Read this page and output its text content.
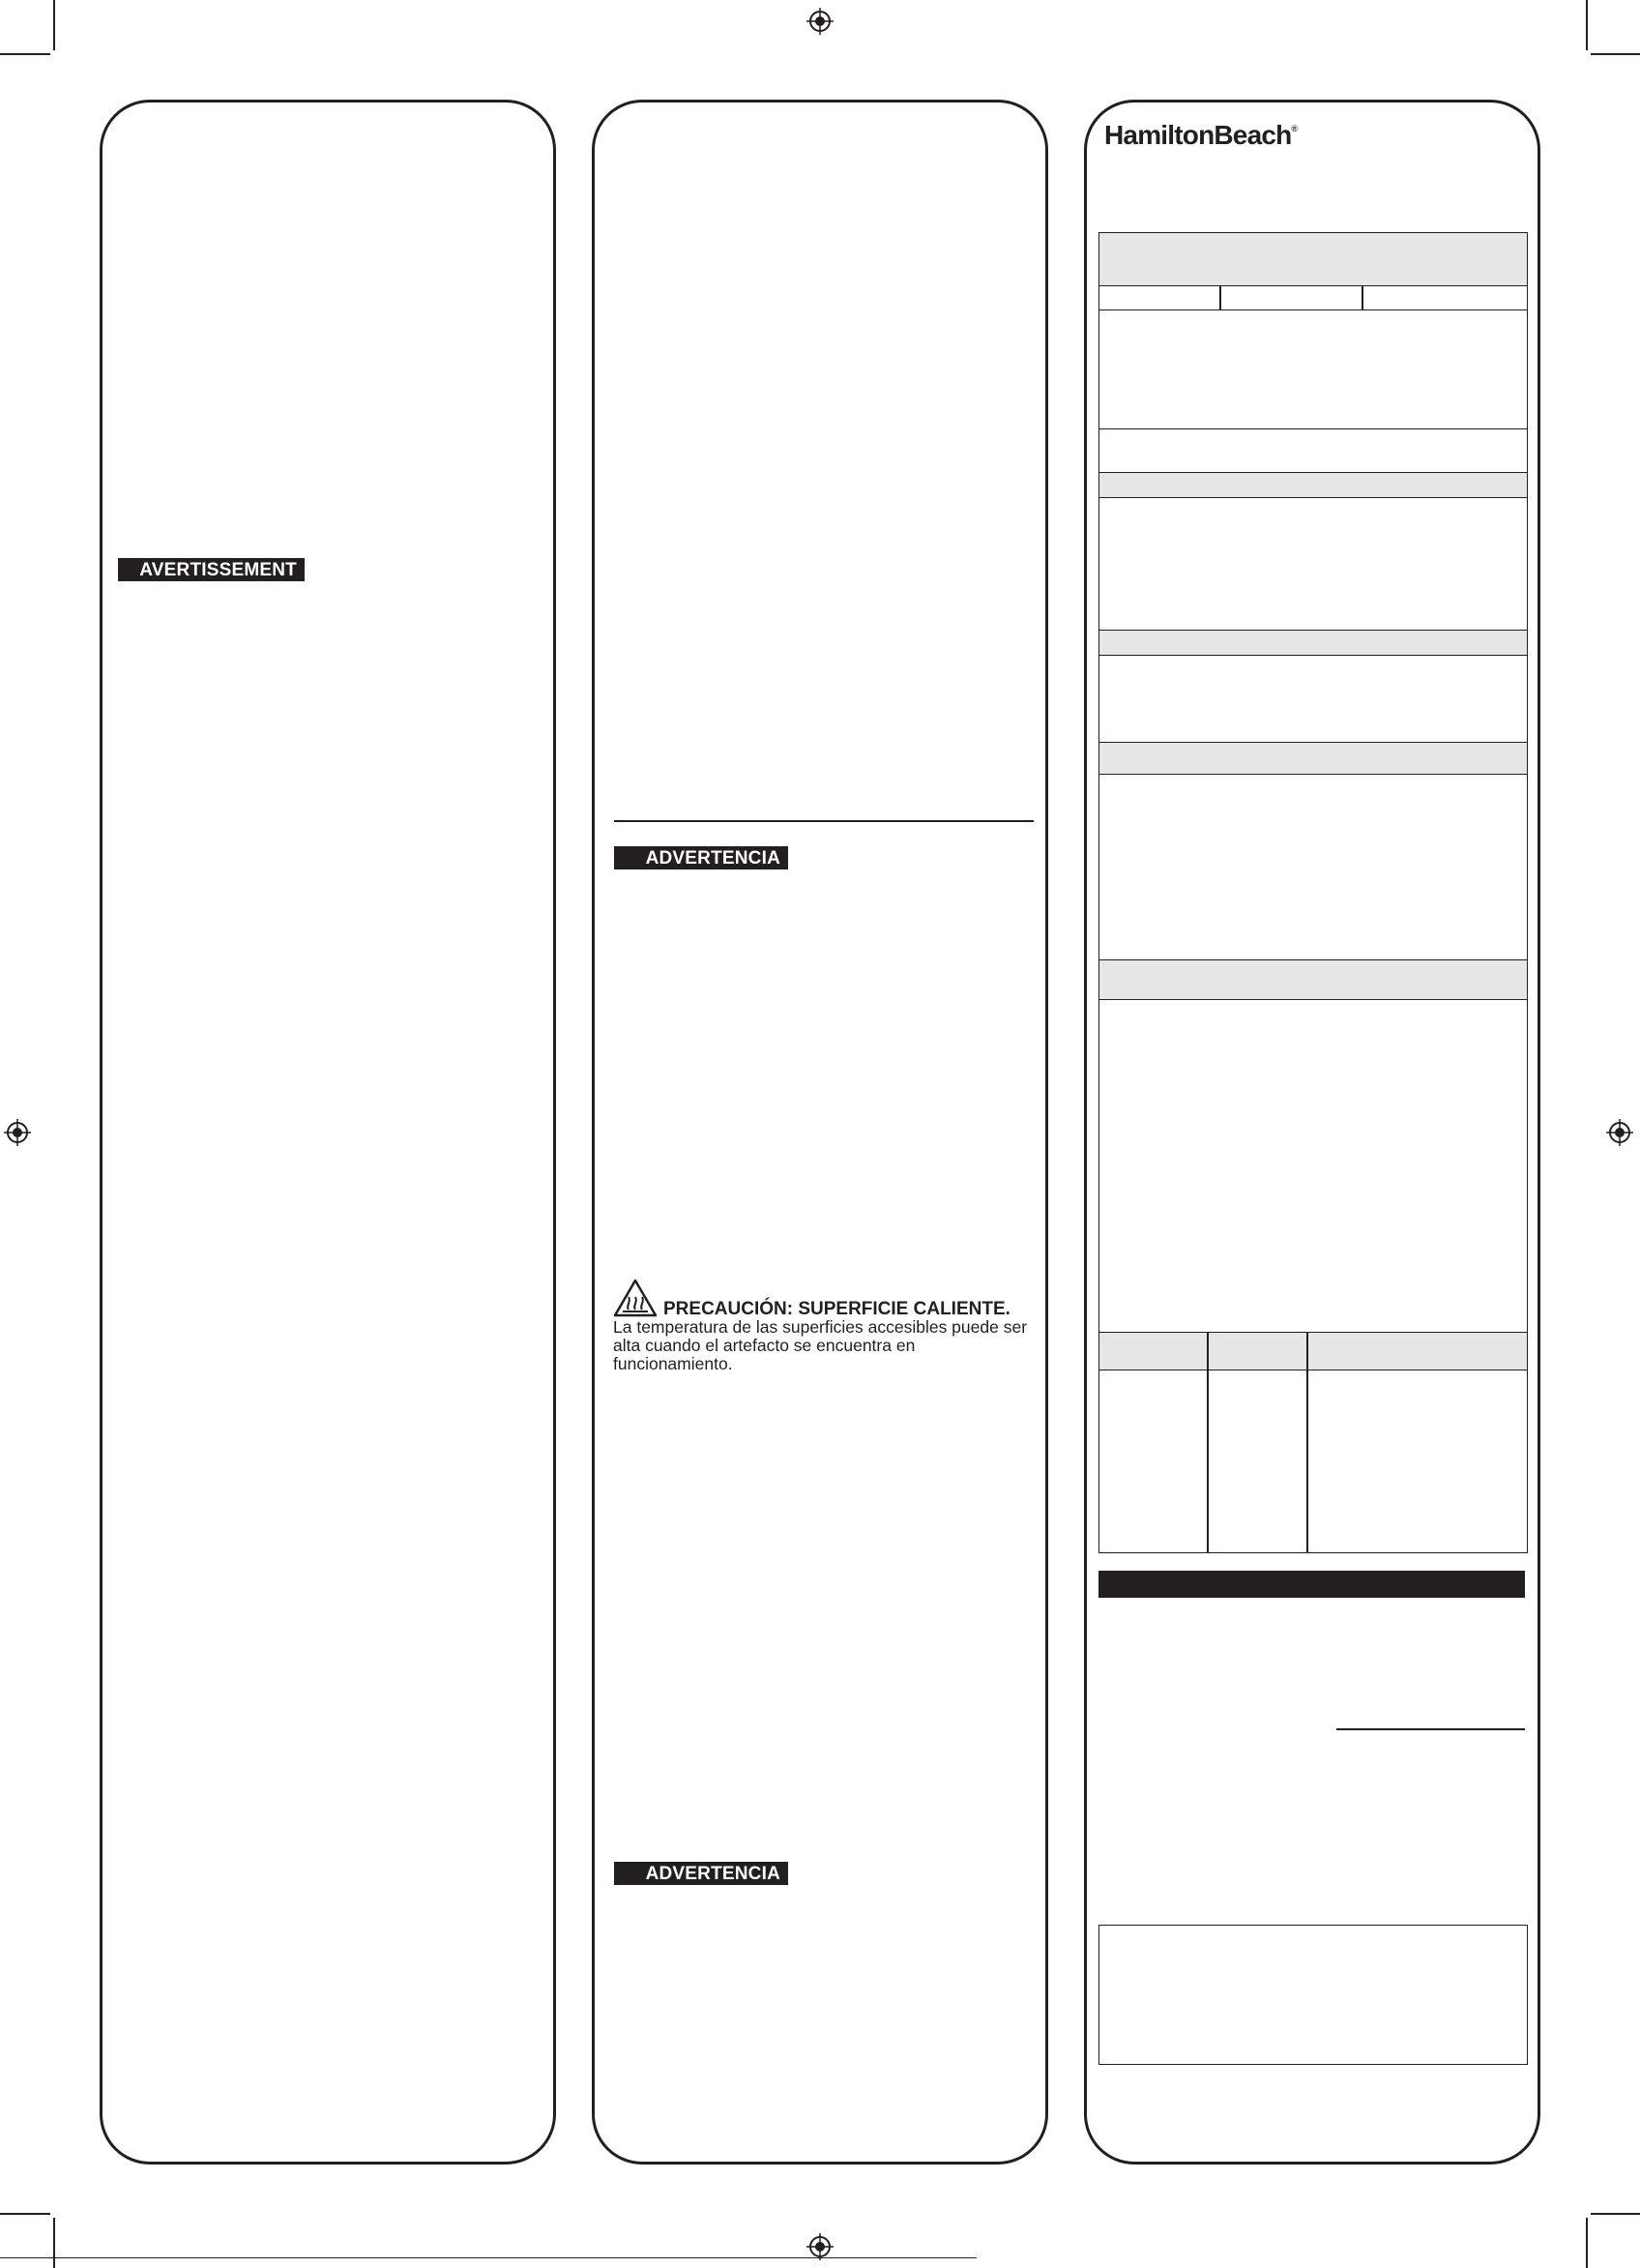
AVERTISSEMENT
ADVERTENCIA
PRECAUCIÓN: SUPERFICIE CALIENTE.
La temperatura de las superficies accesibles puede ser alta cuando el artefacto se encuentra en funcionamiento.
ADVERTENCIA
HamiltonBeach®
